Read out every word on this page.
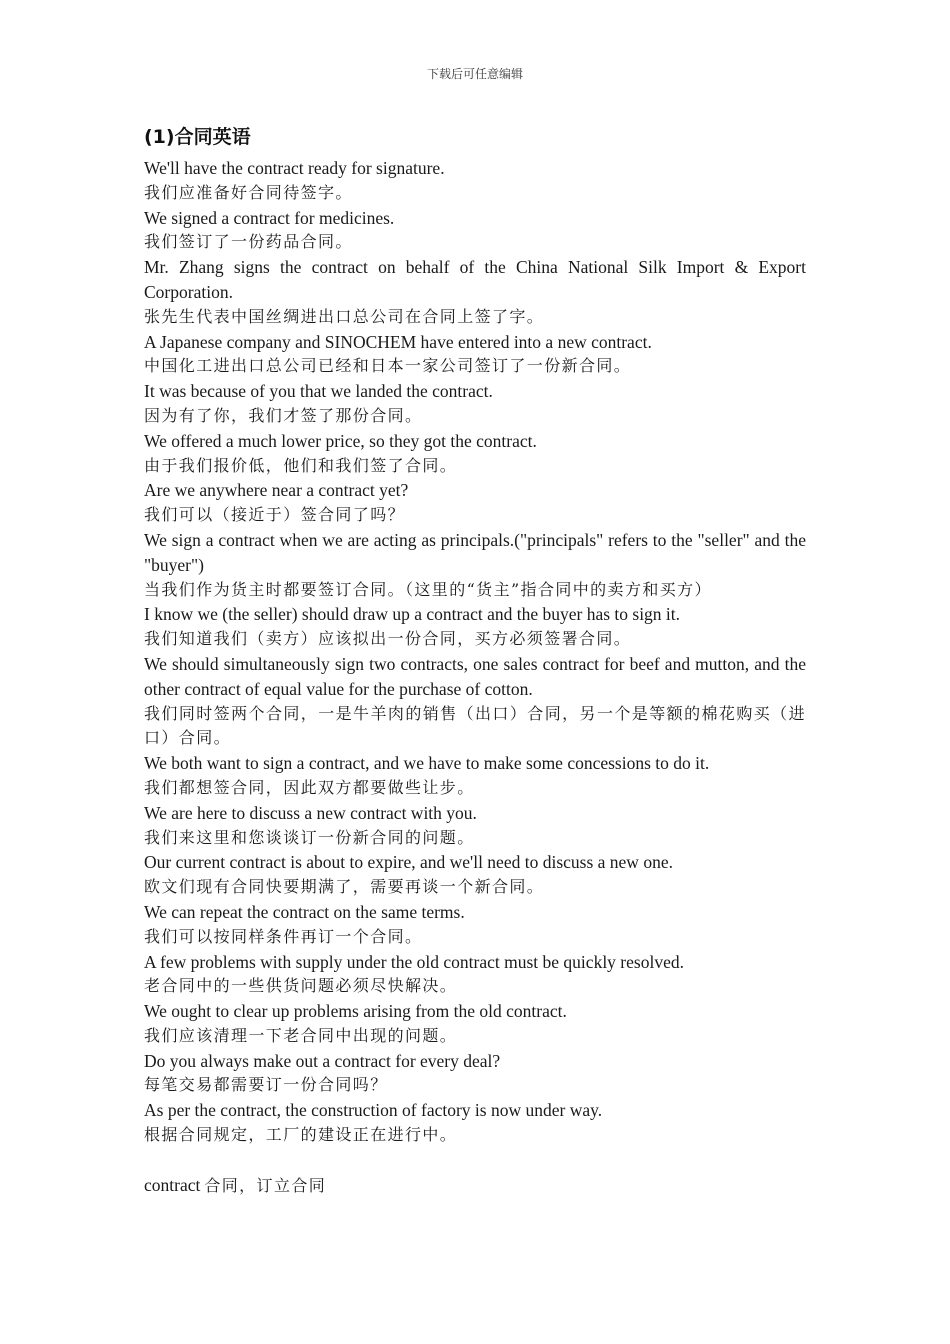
下载后可任意编辑
(1)合同英语

We'll have the contract ready for signature.

我们应准备好合同待签字。

We signed a contract for medicines.

我们签订了一份药品合同。

Mr. Zhang signs the contract on behalf of the China National Silk Import & Export Corporation.

张先生代表中国丝绸进出口总公司在合同上签了字。

A Japanese company and SINOCHEM have entered into a new contract.

中国化工进出口总公司已经和日本一家公司签订了一份新合同。

It was because of you that we landed the contract.

因为有了你，我们才签了那份合同。

We offered a much lower price, so they got the contract.

由于我们报价低，他们和我们签了合同。

Are we anywhere near a contract yet?

我们可以（接近于）签合同了吗？

We sign a contract when we are acting as principals.("principals" refers to the "seller" and the "buyer")

当我们作为货主时都要签订合同。（这里的“货主”指合同中的卖方和买方）

I know we (the seller) should draw up a contract and the buyer has to sign it.

我们知道我们（卖方）应该拟出一份合同，买方必须签署合同。

We should simultaneously sign two contracts, one sales contract for beef and mutton, and the other contract of equal value for the purchase of cotton.

我们同时签两个合同，一是牛羊肉的销售（出口）合同，另一个是等额的棉花购买（进口）合同。

We both want to sign a contract, and we have to make some concessions to do it.

我们都想签合同，因此双方都要做些让步。

We are here to discuss a new contract with you.

我们来这里和您谈谈订一份新合同的问题。

Our current contract is about to expire, and we'll need to discuss a new one.

欧文们现有合同快要期满了，需要再谈一个新合同。

We can repeat the contract on the same terms.

我们可以按同样条件再订一个合同。

A few problems with supply under the old contract must be quickly resolved.

老合同中的一些供货问题必须尽快解决。

We ought to clear up problems arising from the old contract.

我们应该清理一下老合同中出现的问题。

Do you always make out a contract for every deal?

每笔交易都需要订一份合同吗？

As per the contract, the construction of factory is now under way.

根据合同规定，工厂的建设正在进行中。

contract 合同，订立合同
